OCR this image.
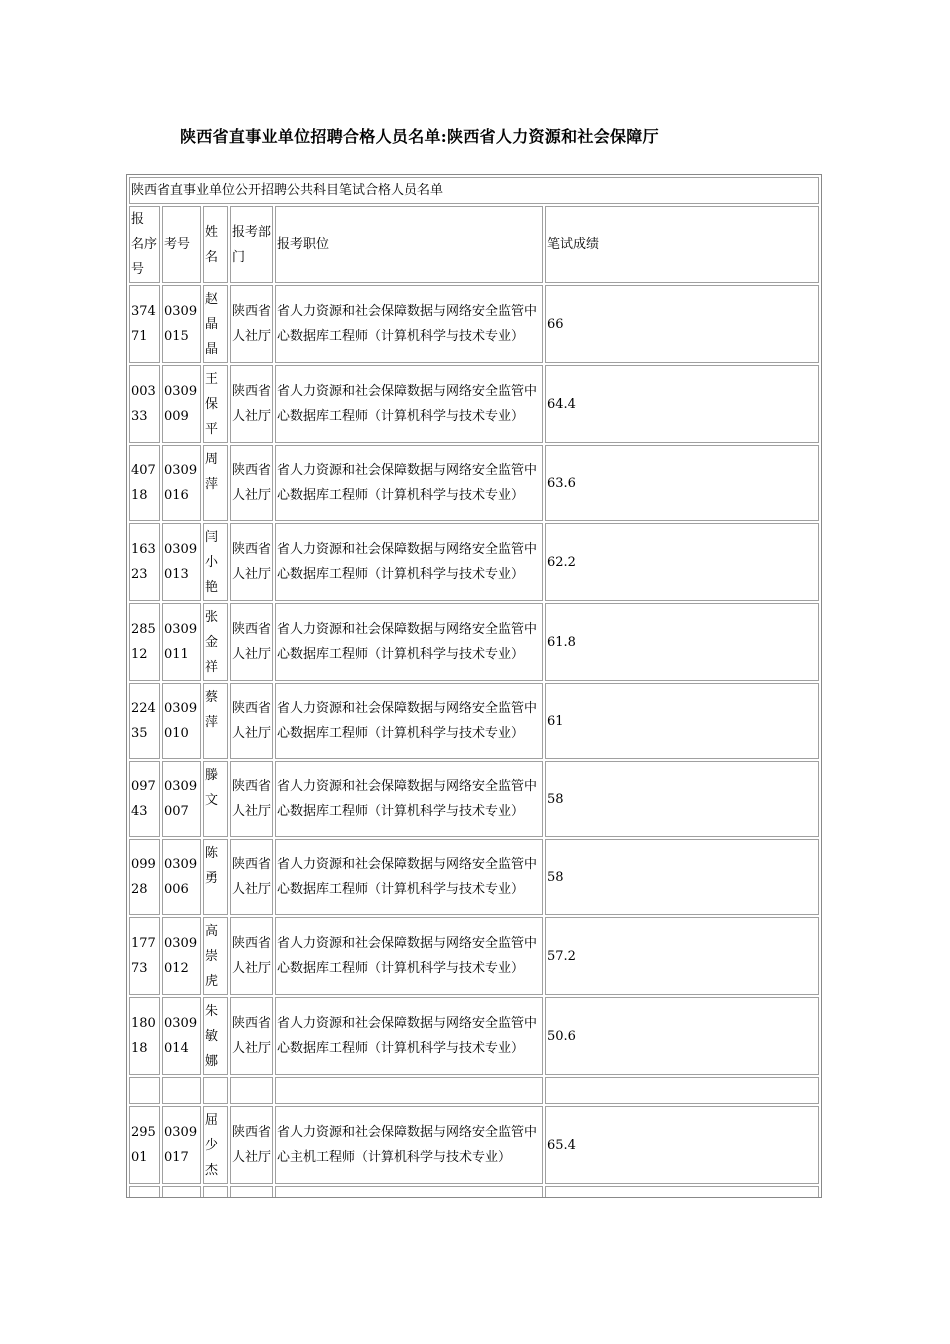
陕西省直事业单位招聘合格人员名单:陕西省人力资源和社会保障厅
陕西省直事业单位公开招聘公共科目笔试合格人员名单					
报 名序号	考号	姓名	报考部门	报考职位	笔试成绩
37471	0309015	赵晶晶	陕西省人社厅	省人力资源和社会保障数据与网络安全监管中心数据库工程师（计算机科学与技术专业）	66
00333	0309009	王保平	陕西省人社厅	省人力资源和社会保障数据与网络安全监管中心数据库工程师（计算机科学与技术专业）	64.4
40718	0309016	周萍	陕西省人社厅	省人力资源和社会保障数据与网络安全监管中心数据库工程师（计算机科学与技术专业）	63.6
16323	0309013	闫小艳	陕西省人社厅	省人力资源和社会保障数据与网络安全监管中心数据库工程师（计算机科学与技术专业）	62.2
28512	0309011	张金祥	陕西省人社厅	省人力资源和社会保障数据与网络安全监管中心数据库工程师（计算机科学与技术专业）	61.8
22435	0309010	蔡萍	陕西省人社厅	省人力资源和社会保障数据与网络安全监管中心数据库工程师（计算机科学与技术专业）	61
09743	0309007	滕文	陕西省人社厅	省人力资源和社会保障数据与网络安全监管中心数据库工程师（计算机科学与技术专业）	58
09928	0309006	陈勇	陕西省人社厅	省人力资源和社会保障数据与网络安全监管中心数据库工程师（计算机科学与技术专业）	58
17773	0309012	高崇虎	陕西省人社厅	省人力资源和社会保障数据与网络安全监管中心数据库工程师（计算机科学与技术专业）	57.2
18018	0309014	朱敏娜	陕西省人社厅	省人力资源和社会保障数据与网络安全监管中心数据库工程师（计算机科学与技术专业）	50.6

29501	0309017	屈少杰	陕西省人社厅	省人力资源和社会保障数据与网络安全监管中心主机工程师（计算机科学与技术专业）	65.4
